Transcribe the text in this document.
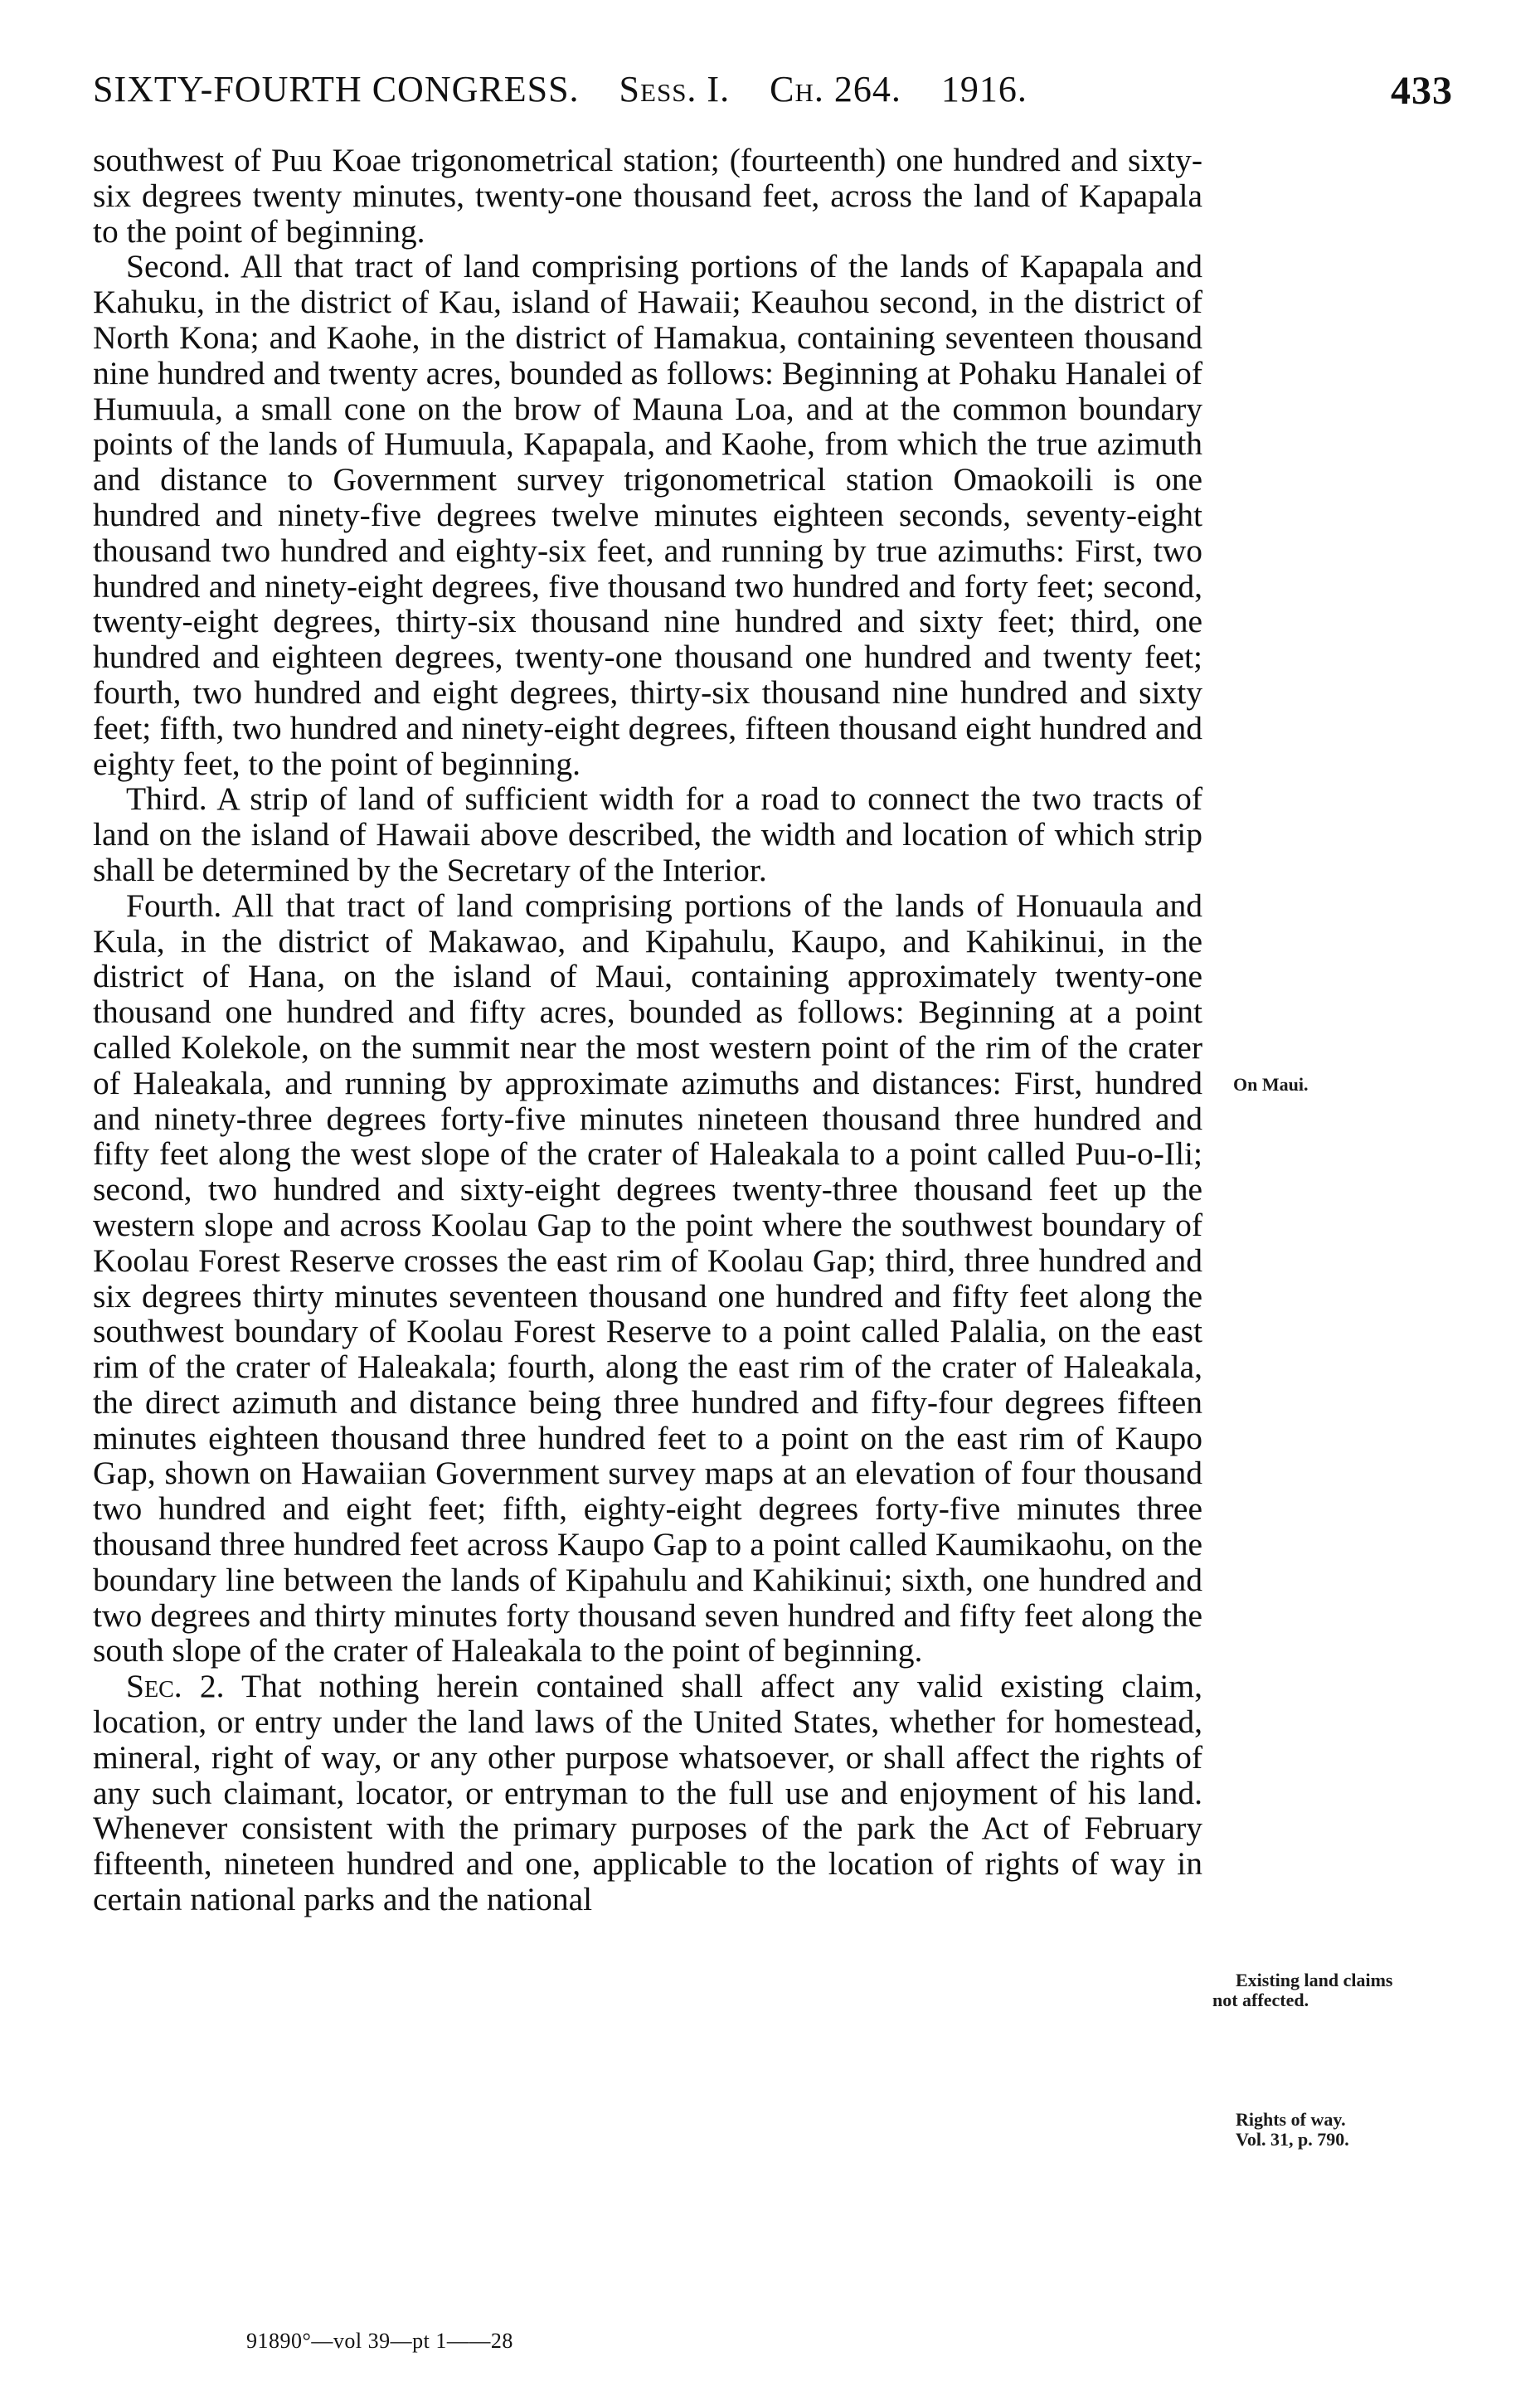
SIXTY-FOURTH CONGRESS. Sess. I. Ch. 264. 1916.	433

southwest of Puu Koae trigonometrical station; (fourteenth) one hundred and sixty-six degrees twenty minutes, twenty-one thousand feet, across the land of Kapapala to the point of beginning.

Second. All that tract of land comprising portions of the lands of Kapapala and Kahuku, in the district of Kau, island of Hawaii; Keauhou second, in the district of North Kona; and Kaohe, in the district of Hamakua, containing seventeen thousand nine hundred and twenty acres, bounded as follows: Beginning at Pohaku Hanalei of Humuula, a small cone on the brow of Mauna Loa, and at the common boundary points of the lands of Humuula, Kapapala, and Kaohe, from which the true azimuth and distance to Government survey trigonometrical station Omaokoili is one hundred and ninety-five degrees twelve minutes eighteen seconds, seventy-eight thousand two hundred and eighty-six feet, and running by true azimuths: First, two hundred and ninety-eight degrees, five thousand two hundred and forty feet; second, twenty-eight degrees, thirty-six thousand nine hundred and sixty feet; third, one hundred and eighteen degrees, twenty-one thousand one hundred and twenty feet; fourth, two hundred and eight degrees, thirty-six thousand nine hundred and sixty feet; fifth, two hundred and ninety-eight degrees, fifteen thousand eight hundred and eighty feet, to the point of beginning.

Third. A strip of land of sufficient width for a road to connect the two tracts of land on the island of Hawaii above described, the width and location of which strip shall be determined by the Secretary of the Interior.

Fourth. All that tract of land comprising portions of the lands of Honuaula and Kula, in the district of Makawao, and Kipahulu, Kaupo, and Kahikinui, in the district of Hana, on the island of Maui, containing approximately twenty-one thousand one hundred and fifty acres, bounded as follows: Beginning at a point called Kolekole, on the summit near the most western point of the rim of the crater of Haleakala, and running by approximate azimuths and distances: First, hundred and ninety-three degrees forty-five minutes nineteen thousand three hundred and fifty feet along the west slope of the crater of Haleakala to a point called Puu-o-Ili; second, two hundred and sixty-eight degrees twenty-three thousand feet up the western slope and across Koolau Gap to the point where the southwest boundary of Koolau Forest Reserve crosses the east rim of Koolau Gap; third, three hundred and six degrees thirty minutes seventeen thousand one hundred and fifty feet along the southwest boundary of Koolau Forest Reserve to a point called Palalia, on the east rim of the crater of Haleakala; fourth, along the east rim of the crater of Haleakala, the direct azimuth and distance being three hundred and fifty-four degrees fifteen minutes eighteen thousand three hundred feet to a point on the east rim of Kaupo Gap, shown on Hawaiian Government survey maps at an elevation of four thousand two hundred and eight feet; fifth, eighty-eight degrees forty-five minutes three thousand three hundred feet across Kaupo Gap to a point called Kaumikaohu, on the boundary line between the lands of Kipahulu and Kahikinui; sixth, one hundred and two degrees and thirty minutes forty thousand seven hundred and fifty feet along the south slope of the crater of Haleakala to the point of beginning.

Sec. 2. That nothing herein contained shall affect any valid existing claim, location, or entry under the land laws of the United States, whether for homestead, mineral, right of way, or any other purpose whatsoever, or shall affect the rights of any such claimant, locator, or entryman to the full use and enjoyment of his land. Whenever consistent with the primary purposes of the park the Act of February fifteenth, nineteen hundred and one, applicable to the location of rights of way in certain national parks and the national

On Maui.
Existing land claims
not affected.
Rights of way.
Vol. 31, p. 790.
91890°—vol 39—pt 1——28
